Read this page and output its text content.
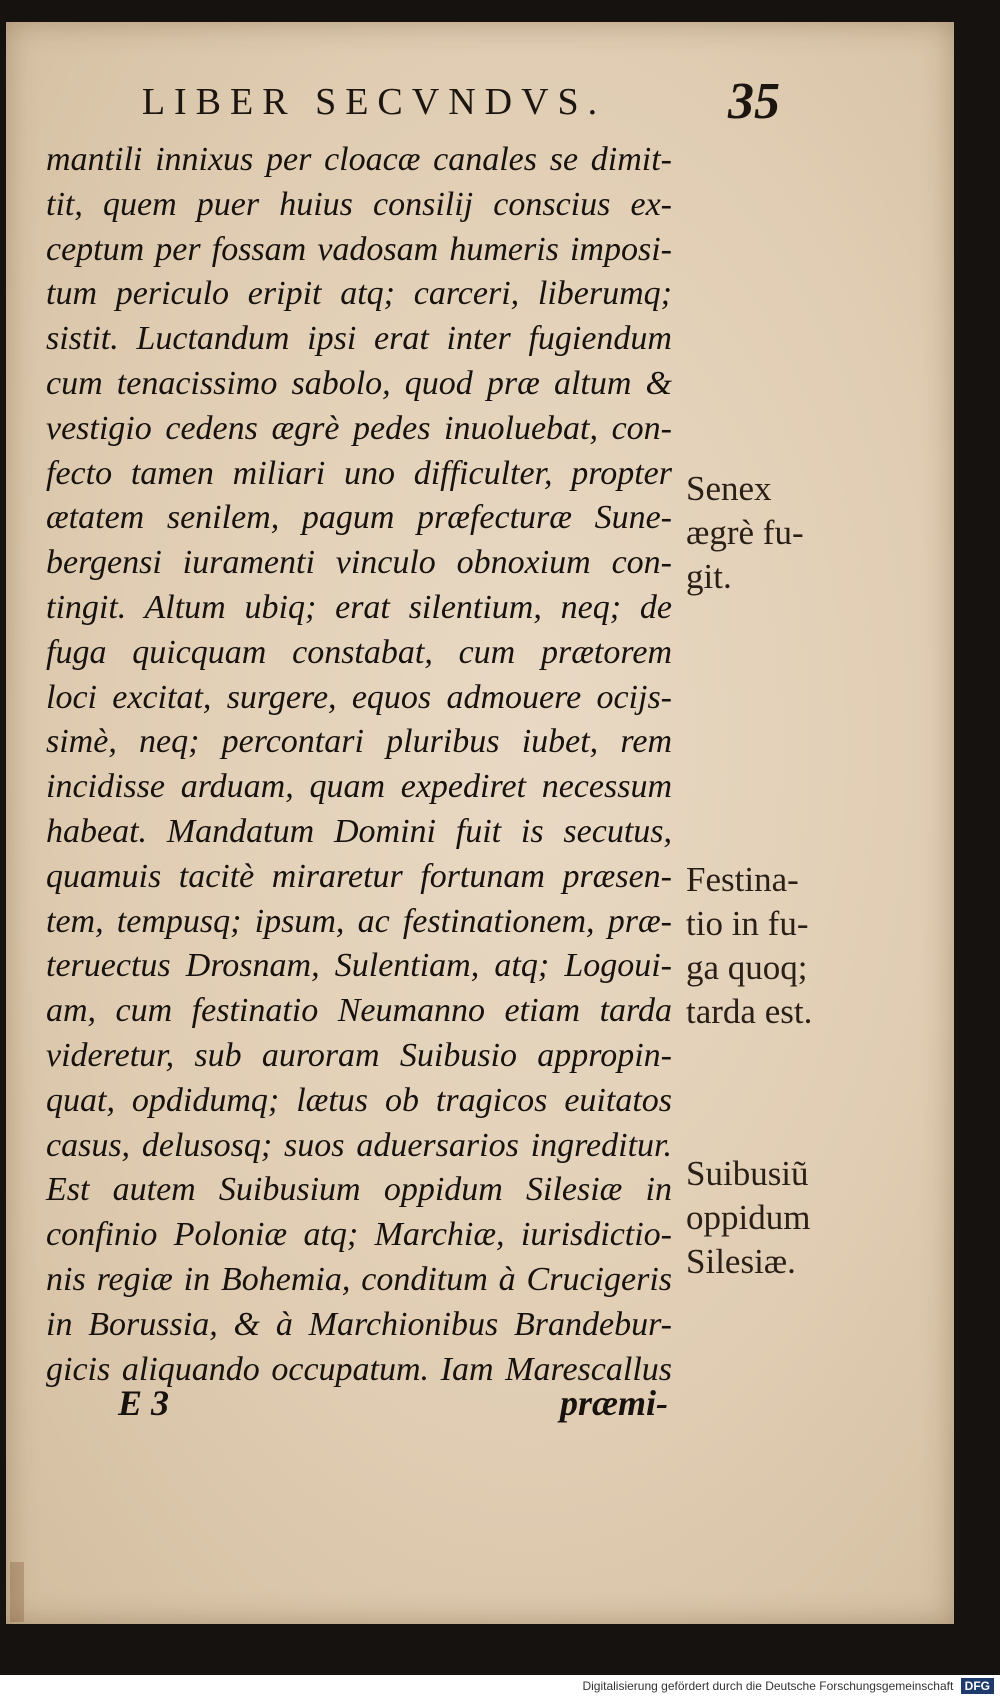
LIBER SECVNDVS.	35
mantili innixus per cloacæ canales se dimit-
tit, quem puer huius consilij conscius ex-
ceptum per fossam vadosam humeris imposi-
tum periculo eripit atq; carceri, liberumq;
sistit. Luctandum ipsi erat inter fugiendum
cum tenacissimo sabolo, quod præ altum &
vestigio cedens ægrè pedes inuoluebat, con-
fecto tamen miliari uno difficulter, propter
ætatem senilem, pagum præfecturæ Sune-
bergensi iuramenti vinculo obnoxium con-
tingit. Altum ubiq; erat silentium, neq; de
fuga quicquam constabat, cum prætorem
loci excitat, surgere, equos admouere ocijs-
simè, neq; percontari pluribus iubet, rem
incidisse arduam, quam expediret necessum
habeat. Mandatum Domini fuit is secutus,
quamuis tacitè miraretur fortunam præsen-
tem, tempusq; ipsum, ac festinationem, præ-
teruectus Drosnam, Sulentiam, atq; Logoui-
am, cum festinatio Neumanno etiam tarda
videretur, sub auroram Suibusio appropin-
quat, opdidumq; lætus ob tragicos euitatos
casus, delusosq; suos aduersarios ingreditur.
Est autem Suibusium oppidum Silesiæ in
confinio Poloniæ atq; Marchiæ, iurisdictio-
nis regiæ in Bohemia, conditum à Crucigeris
in Borussia, & à Marchionibus Brandebur-
gicis aliquando occupatum. Iam Marescallus
E 3	præmi-
Senex
ægrè fu-
git.
Festina-
tio in fu-
ga quoq;
tarda est.
Suibusiũ
oppidum
Silesiæ.
Digitalisierung gefördert durch die Deutsche Forschungsgemeinschaft DFG
